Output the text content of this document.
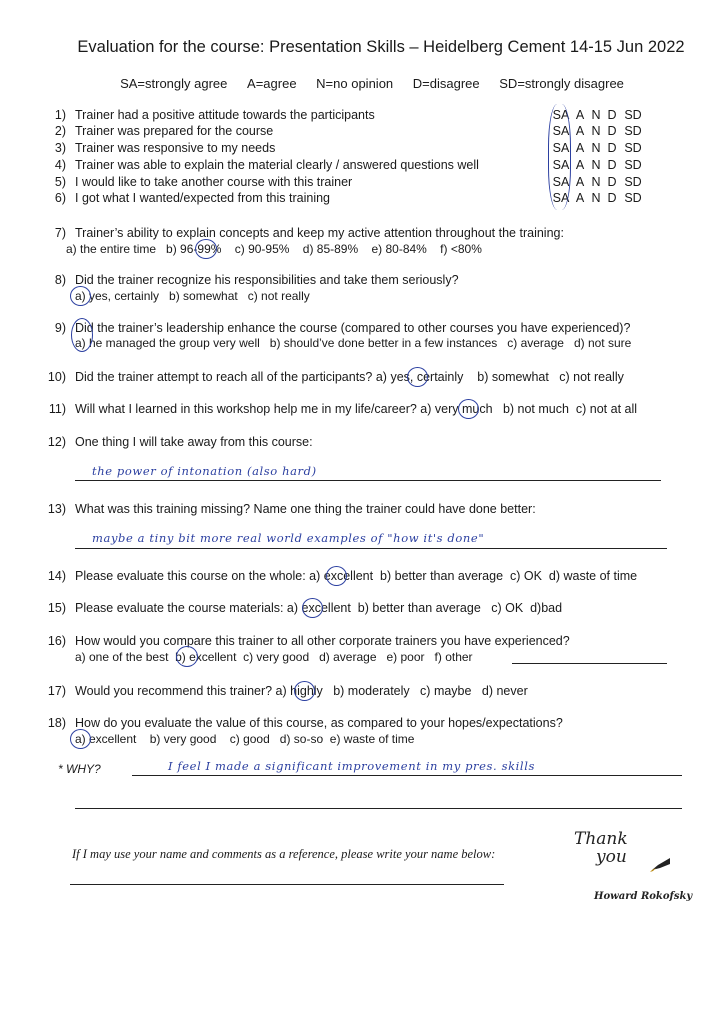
Evaluation for the course: Presentation Skills – Heidelberg Cement 14-15 Jun 2022
SA=strongly agree A=agree N=no opinion D=disagree SD=strongly disagree
1) Trainer had a positive attitude towards the participants	SA A N D SD
2) Trainer was prepared for the course	SA A N D SD
3) Trainer was responsive to my needs	SA A N D SD
4) Trainer was able to explain the material clearly / answered questions well	SA A N D SD
5) I would like to take another course with this trainer	SA A N D SD
6) I got what I wanted/expected from this training	SA A N D SD
7) Trainer’s ability to explain concepts and keep my active attention throughout the training:
a) the entire time   b) 96-99%    c) 90-95%    d) 85-89%    e) 80-84%    f) <80%
8) Did the trainer recognize his responsibilities and take them seriously?
a) yes, certainly   b) somewhat   c) not really
9) Did the trainer’s leadership enhance the course (compared to other courses you have experienced)?
a) he managed the group very well   b) should’ve done better in a few instances   c) average   d) not sure
10) Did the trainer attempt to reach all of the participants? a) yes, certainly    b) somewhat   c) not really
11) Will what I learned in this workshop help me in my life/career? a) very much   b) not much  c) not at all
12) One thing I will take away from this course:
the power of intonation (also hard)
13) What was this training missing? Name one thing the trainer could have done better:
maybe a tiny bit more real world examples of "how it's done"
14) Please evaluate this course on the whole: a) excellent  b) better than average  c) OK  d) waste of time
15) Please evaluate the course materials: a) excellent  b) better than average   c) OK  d)bad
16) How would you compare this trainer to all other corporate trainers you have experienced?
a) one of the best  b) excellent  c) very good   d) average   e) poor   f) other
17) Would you recommend this trainer? a) highly   b) moderately   c) maybe   d) never
18) How do you evaluate the value of this course, as compared to your hopes/expectations?
a) excellent    b) very good    c) good   d) so-so  e) waste of time
* WHY?	I feel I made a significant improvement in my pres. skills
If I may use your name and comments as a reference, please write your name below:
Thank
you
Howard Rokofsky
